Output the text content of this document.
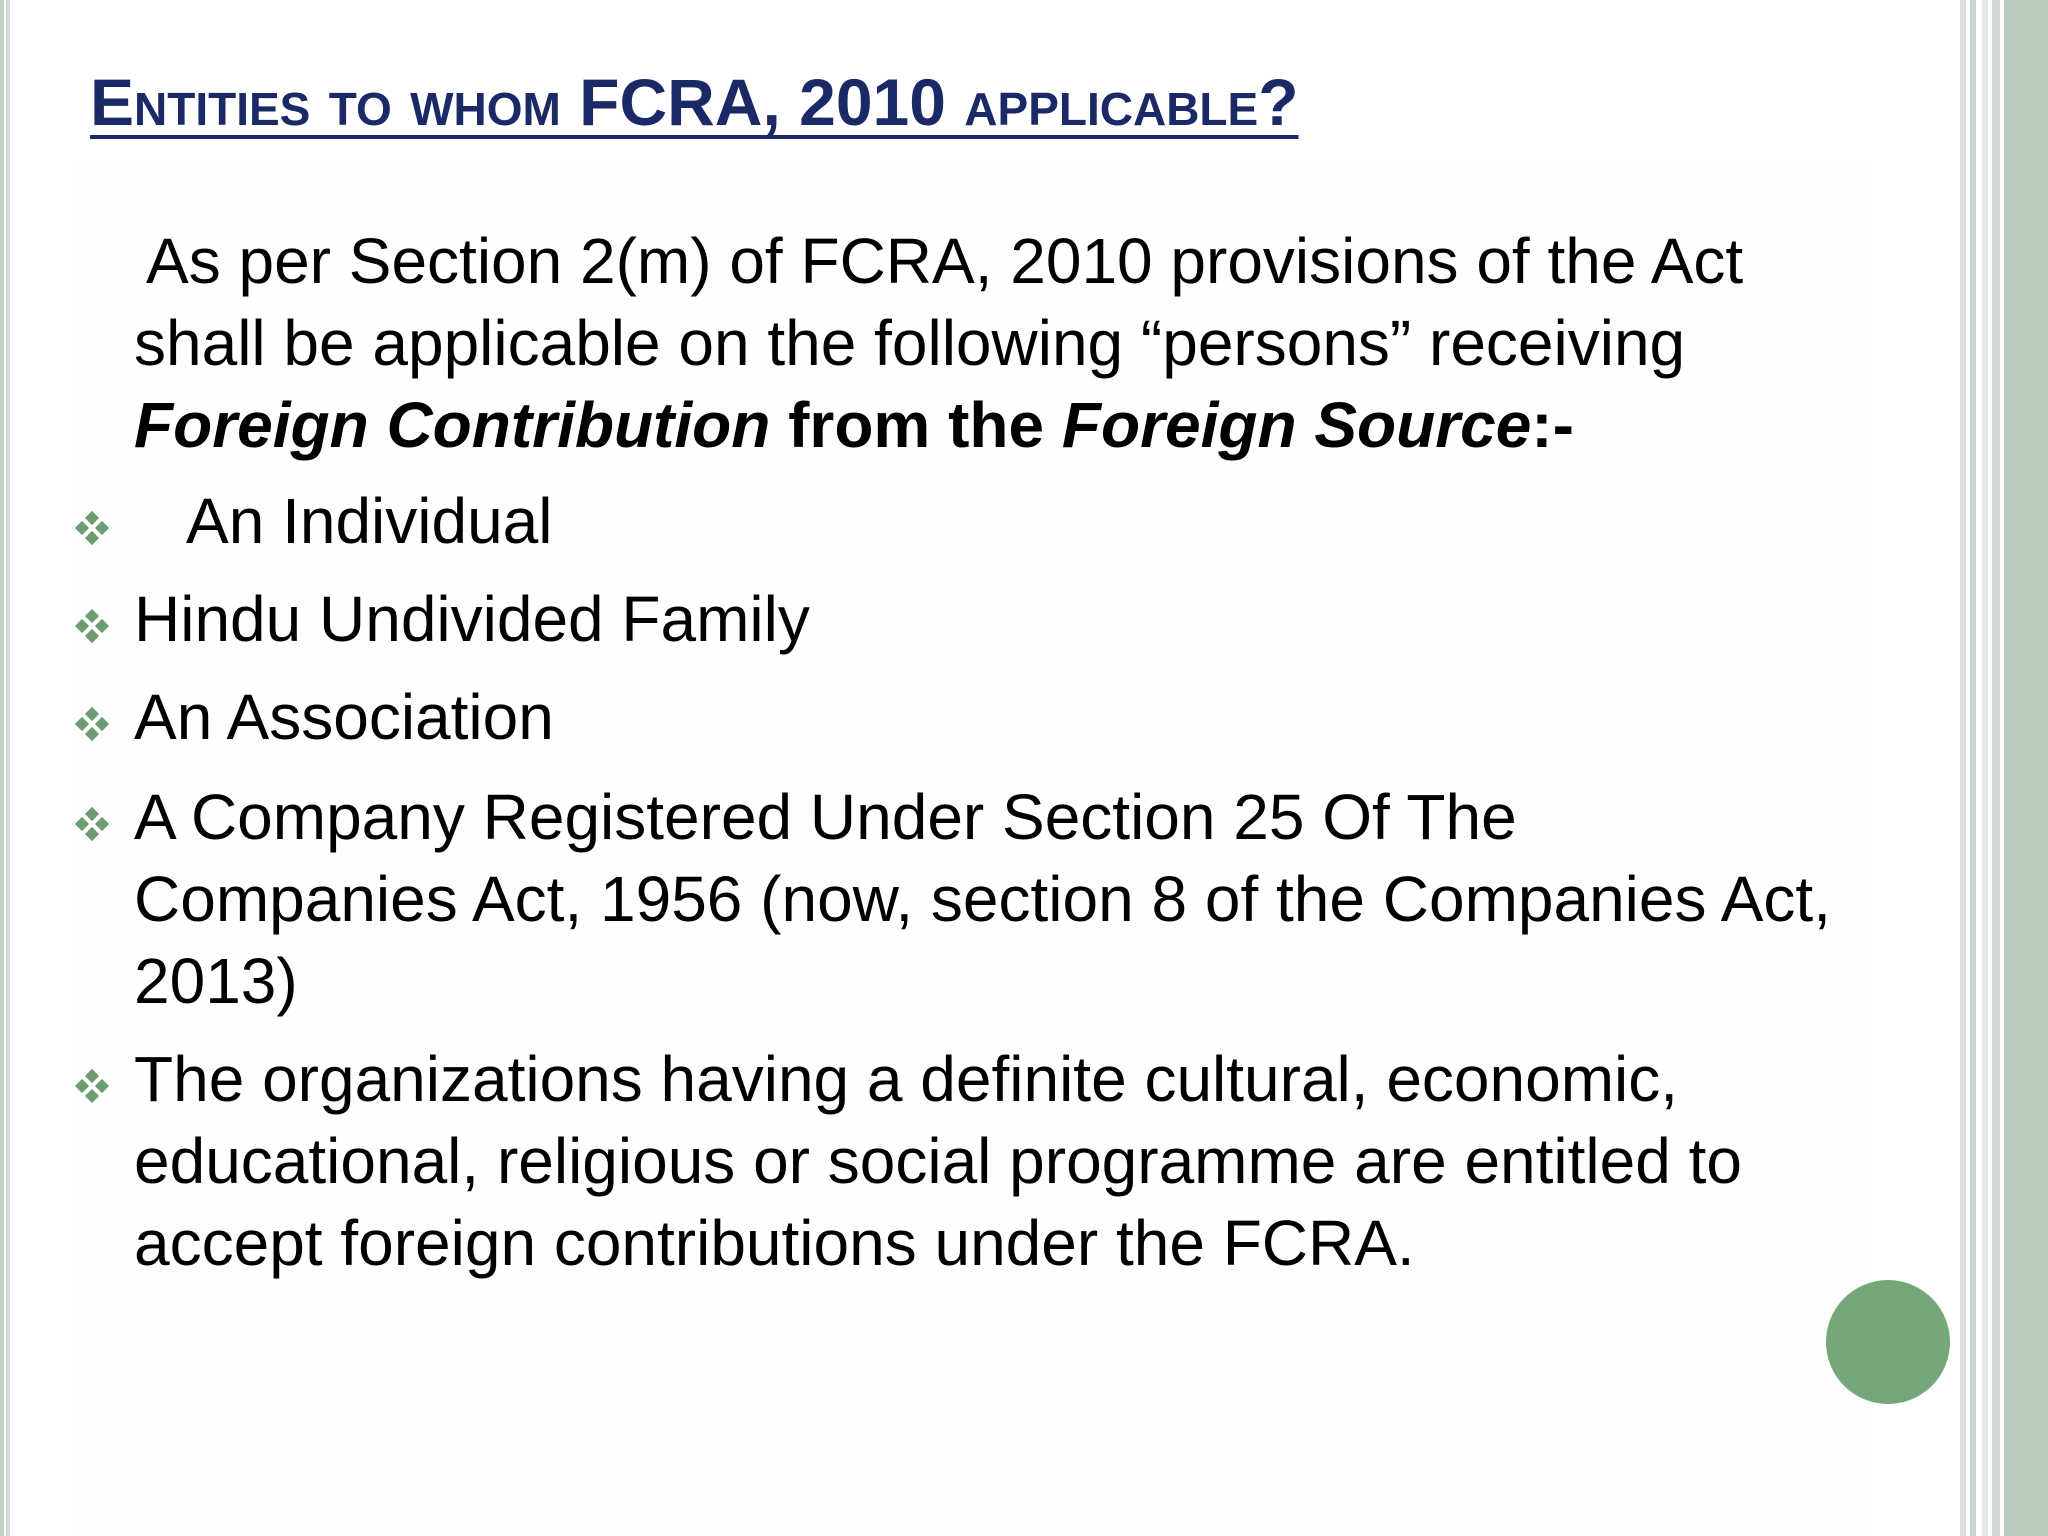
Entities to whom FCRA, 2010 applicable?
As per Section 2(m) of FCRA, 2010 provisions of the Act
shall be applicable on the following “persons” receiving
Foreign Contribution from the Foreign Source:-
An Individual
Hindu Undivided Family
An Association
A Company Registered Under Section 25 Of The Companies Act, 1956 (now, section 8 of the Companies Act, 2013)
The organizations having a definite cultural, economic, educational, religious or social programme are entitled to accept foreign contributions under the FCRA.
